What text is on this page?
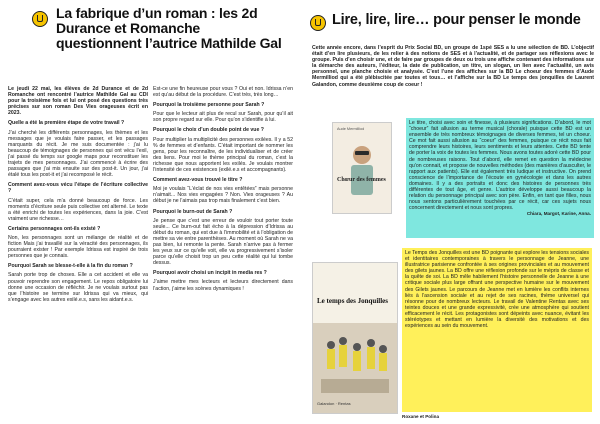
La fabrique d’un roman : les 2d Durance et Romanche questionnent l’autrice Mathilde Gal

Le jeudi 22 mai, les élèves de 2d Durance et de 2d Romanche ont rencontré l’autrice Mathilde Gal au CDI pour la troisième fois et lui ont posé des questions très précises sur son roman Des Vies orageuses écrit en 2023.

Quelle a été la première étape de votre travail ?

J’ai cherché les différents personnages, les thèmes et les messages que je voulais faire passer, et les passages marquants du récit. Je me suis documentée : j’ai lu beaucoup de témoignages de personnes qui ont vécu l’exil, j’ai passé du temps sur google maps pour reconstituer les trajets de mes personnages. J’ai commencé à écrire des passages que j’ai mis ensuite sur des post-it. Un jour, j’ai étalé tous les post-it et j’ai recomposé le récit.

Comment avez-vous vécu l’étape de l’écriture collective ?

C’était super, cela m’a donné beaucoup de force. Les moments d’écriture seule puis collective ont alterné. Le texte a été enrichi de toutes les expériences, dans la joie. C’est vraiment une richesse…

Certains personnages ont-ils existé ?

Non, les personnages sont un mélange de réalité et de fiction Mais j’ai travaillé sur la véracité des personnages, ils pourraient exister ! Par exemple Idrissa est inspiré de trois personnes que je connais.

Pourquoi Sarah se blesse-t-elle à la fin du roman ?

Sarah porte trop de choses. Elle a cet accident et elle va pouvoir reprendre son engagement. Le repos obligatoire lui donne une occasion de réfléchir. Je ne voulais surtout pas que l’histoire se termine sur Idrissa qui va mieux, qui s’engage avec les autres exilé.e.s, sans les aidant.e.s.

Est-ce une fin heureuse pour vous ? Oui et non. Idrissa n’en est qu’au début de la procédure. C’est très, très long…

Pourquoi la troisième personne pour Sarah ?

Pour que le lecteur ait plus de recul sur Sarah, pour qu’il ait son propre regard sur elle. Pour qu’on s’identifie à lui.

Pourquoi le choix d’un double point de vue ?

Pour multiplier la multiplicité des personnes exilées. Il y a 52 % de femmes et d’enfants. C’était important de nommer les gens, pour les reconnaître, de les individualiser et de créer des liens. Pour moi le thème principal du roman, c’est la richesse que nous apportent les exilés. Je voulais montrer l’intensité de ces existences (exilé.e.s et accompagnants).

Comment avez-vous trouvé le titre ?

Moi je voulais “L’éclat de nos vies entêtées” mais personne n’aimait... Nos vies engagées ? Non. Vies orageuses ? Au début je ne l’aimais pas trop mais finalement c’est bien.

Pourquoi le burn-out de Sarah ?

Je pense que c’est une erreur de vouloir tout porter toute seule... Ce burn-out fait écho à la dépression d’Idrissa au début du roman, qui est due à l’immobilité et à l’obligation de mettre sa vie entre parenthèses. Au moment où Sarah ne va pas bien, lui remonte la pente. Sarah n’arrive pas à fermer les yeux sur ce qu’elle voit, elle va progressivement s’isoler parce qu’elle choisit trop un peu cette réalité qui lui tombe dessus.

Pourquoi avoir choisi un incipit in media res ?

J’aime mettre mes lecteurs et lecteurs directement dans l’action, j’aime les scènes dynamiques !

Lire, lire, lire… pour penser le monde

Cette année encore, dans l’esprit du Prix Social BD, un groupe de 1spé SES a lu une sélection de BD. L’objectif était d’en lire plusieurs, de les relier à des notions de SES et à l’actualité, et de partager ses réflexions avec le groupe. Puis d’en choisir une, et de faire par groupes de deux ou trois une affiche contenant des informations sur la démarche des auteurs, l’éditeur, la date de publication, un titre, un slogan, un lien avec l’actualité, un avis personnel, une planche choisie et analysée. C’est l’une des affiches sur la BD Le choeur des femmes d’Aude Mermilliod qui a été plébiscitée par toutes et tous… et l’affiche sur la BD Le temps des jonquilles de Laurent Galandon, comme deuxième coup de coeur !

Chœur des femmes
Aude Mermilliod

Le titre, choisi avec soin et finesse, à plusieurs significations. D’abord, le mot “choeur” fait allusion au terme musical (chorale) puisque cette BD est un ensemble de très nombreux témoignages de diverses femmes, tel un choeur. Ce mot fait aussi allusion au “coeur” des femmes, puisque ce récit nous fait comprendre leurs histoires, leurs sentiments et leurs attentes. Cette BD tente de porter la voix de toutes les femmes. Nous avons toutes adoré cette BD pour de nombreuses raisons. Tout d’abord, elle remet en question la médecine qu’on connait, et propose de nouvelles méthodes (des manières d’ausculter, le rapport aux patients). Elle est également très ludique et instructive. On prend conscience de l’importance de l’écoute en gynécologie et dans les autres domaines. Il y a des portraits et donc des histoires de personnes très différentes de tout âge, et genre. L’autrice développe aussi beaucoup la relation du personnage principal avec son père. Enfin, en tant que filles, nous nous sentons particulièrement touchées par ce récit, car ces sujets nous concernent directement et nous sont propres.

Chiara, Margot, Karine, Anna.
Le temps des Jonquilles
Galandon · Rentas

Le Temps des Jonquilles est une BD poignante qui explore les tensions sociales et identitaires contemporaines à travers le personnage de Jeanne, une illustratrice parisienne confrontée à ses origines provinciales et au mouvement des gilets jaunes. La BD offre une réflexion profonde sur le mépris de classe et la quête de soi. La BD mêle habilement l’histoire personnelle de Jeanne à une critique sociale plus large offrant une perspective humaine sur le mouvement des Gilets jaunes. Le parcours de Jeanne met en lumière les conflits internes liés à l’ascension sociale et au rejet de ses racines, thème universel qui résonne pour de nombreux lecteurs. Le travail de Valentine Rentas avec ses teintes douces et une grande expressivité, crée une atmosphère qui soutient efficacement le récit. Les protagonistes sont dépeints avec nuance, évitant les stéréotypes et mettant en lumière la diversité des motivations et des expériences au sein du mouvement.

Roxane et Polina
